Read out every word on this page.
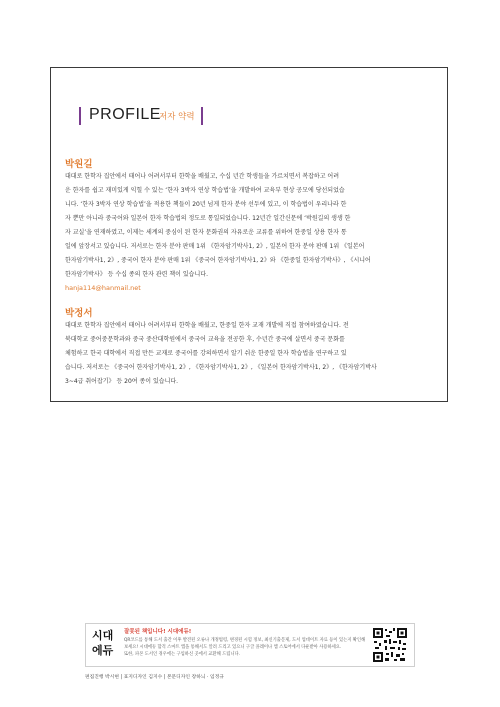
PROFILE
저자 약력
박원길
대대로 한학자 집안에서 태어나 어려서부터 한학을 배웠고, 수십 년간 학생들을 가르치면서 복잡하고 어려
운 한자를 쉽고 재미있게 익힐 수 있는 ‘한자 3박자 연상 학습법’을 개발하여 교육부 현상 공모에 당선되었습
니다. ‘한자 3박자 연상 학습법’을 적용한 책들이 20년 넘게 한자 분야 선두에 있고, 이 학습법이 우리나라 한
자 뿐만 아니라 중국어와 일본어 한자 학습법의 정도로 통일되었습니다. 12년간 일간신문에 ‘박원길의 생생 한
자 교실’을 연재하였고, 이제는 세계의 중심이 된 한자 문화권의 자유로운 교류를 위하여 한중일 상용 한자 통
일에 앞장서고 있습니다. 저서로는 한자 분야 판매 1위 《한자암기박사1, 2》, 일본어 한자 분야 판매 1위 《일본어
한자암기박사1, 2》, 중국어 한자 분야 판매 1위 《중국어 한자암기박사1, 2》와 《한중일 한자암기박사》, 《시니어
한자암기박사》 등 수십 종의 한자 관련 책이 있습니다.
hanja114@hanmail.net
박정서
대대로 한학자 집안에서 태어나 어려서부터 한학을 배웠고, 한중일 한자 교재 개발에 직접 참여하였습니다. 전
북대학교 중어중문학과와 중국 중산대학원에서 중국어 교육을 전공한 후, 수년간 중국에 살면서 중국 문화를
체험하고 한국 대학에서 직접 만든 교재로 중국어를 강의하면서 알기 쉬운 한중일 한자 학습법을 연구하고 있
습니다. 저서로는 《중국어 한자암기박사1, 2》, 《한자암기박사1, 2》, 《일본어 한자암기박사1, 2》, 《한자암기박사
3~4급 취어잡기》 등 20여 종이 있습니다.
시대
에듀
잘못된 책입니다! 시대에듀!
QR코드를 통해 도서 출간 이후 발견된 오류나 개정법령, 변경된 시험 정보, 최신기출문제, 도서 업데이트 자료 등이 있는지 확인해
보세요! 시대에듀 합격 스마트 앱을 통해서도 알려 드리고 있으니 구글 플레이나 앱 스토어에서 다운받아 사용하세요.
또한, 파본 도서인 경우에는 구입하신 곳에서 교환해 드립니다.
편집진행 박시현 | 표지디자인 김지수 | 본문디자인 장하늬 · 임정규
